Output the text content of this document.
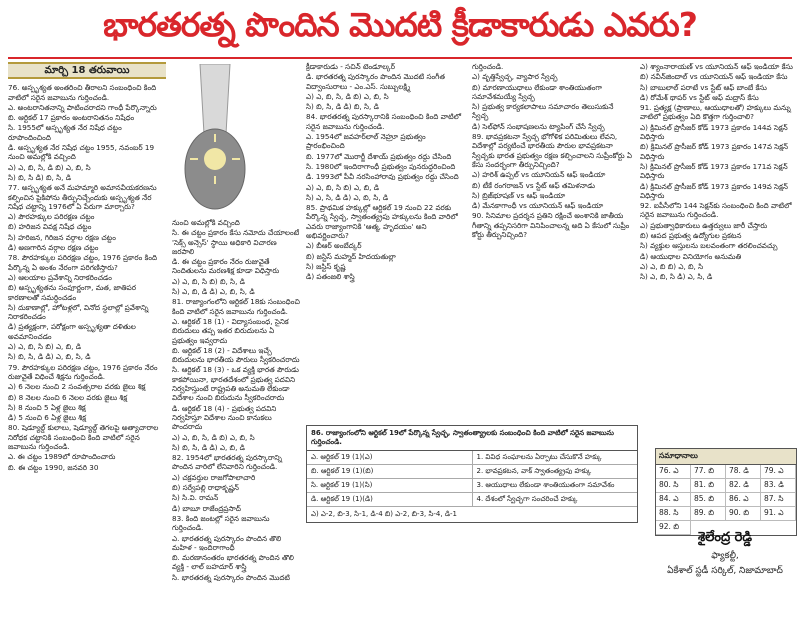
భారతరత్న పొందిన మొదటి క్రీడాకారుడు ఎవరు?
మార్చి 18 తరువాయి

76. అస్పృశ్యత అంతరించి తీరాలని సంబంధించి కింది వాటిలో సరైన జవాబును గుర్తించండి.

ఎ. అంటరానితనాన్ని పాటించరాదని గాంధీ పేర్కొన్నారు

బి. ఆర్టికల్ 17 ప్రకారం అంటరానితనం నిషేధం

సి. 1955లో అస్పృశ్యత నేర నిషేధ చట్టం రూపొందించింది

డి. అస్పృశ్యత నేర నిషేధ చట్టం 1955, నవంబర్ 19 నుంచి అమల్లోకి వచ్చింది

ఎ) ఎ, బి, సి, డి బి) ఎ, బి, సి

సి) బి, సి డి) బి, సి, డి

77. అస్పృశ్యత అనే మహమ్మారి అమానవీయకరణను కల్పించిన పైకిపోను తీర్పునిచ్చేందుకు అస్పృశ్యత నేర నిషేధ చట్టాన్ని 1976లో ఏ పేరుగా మార్చారు?

ఎ) పౌరహక్కుల పరిరక్షణ చట్టం

బి) హరిజన వివక్ష నిషేధ చట్టం

సి) హరిజన, గిరిజన వర్గాల రక్షణ చట్టం

డి) అణగారిన వర్గాల రక్షణ చట్టం

78. పౌరహక్కుల పరిరక్షణ చట్టం, 1976 ప్రకారం కింది పేర్కొన్న ఏ అంశం నేరంగా పరిగణిస్తారు?

ఎ) ఆలయాల ప్రవేశాన్ని నిరాకరించడం

బి) అస్పృశ్యతను సంపూర్ణంగా, మత, జాతిపర కారణాలతో సమర్థించడం

సి) దుకాణాల్లో, హోటళ్లలో, వినోద స్థలాల్లో ప్రవేశాన్ని నిరాకరించడం

డి) ప్రత్యక్షంగా, పరోక్షంగా అస్పృశ్యతా దళితుల అవమానించడం

ఎ) ఎ, బి, సి బి) ఎ, బి, డి

సి) బి, సి, డి డి) ఎ, బి, సి, డి

79. పౌరహక్కుల పరిరక్షణ చట్టం, 1976 ప్రకారం నేరం రుజువైతే విధించే శిక్షను గుర్తించండి.

ఎ) 6 నెలల నుంచి 2 సంవత్సరాల వరకు జైలు శిక్ష

బి) 8 నెలల నుంచి 6 నెలల వరకు జైలు శిక్ష

సి) 8 నుంచి 5 ఏళ్ల జైలు శిక్ష

డి) 5 నుంచి 6 ఏళ్ల జైలు శిక్ష

80. షెడ్యూల్డ్ కులాలు, షెడ్యూల్డ్ తెగలపై అత్యాచారాల నిరోధక చట్టానికి సంబంధించి కింది వాటిలో సరైన జవాబును గుర్తించండి.

ఎ. ఈ చట్టం 1989లో రూపొందించారు

బి. ఈ చట్టం 1990, జనవరి 30

నుంచి అమల్లోకి వచ్చింది

సి. ఈ చట్టం ప్రకారం కేసు నమోదు చేయాలంటే 'సెక్స్ అన్సెస్' స్థాయి అధికారి విచారణ జరపాలి

డి. ఈ చట్టం ప్రకారం నేరం రుజువైతే నిందితులను మరణశిక్ష కూడా విధిస్తారు

ఎ) ఎ, బి, సి బి) బి, సి, డి

సి) ఎ, బి, డి డి) ఎ, బి, సి, డి

81. రాజ్యాంగంలోని ఆర్టికల్ 18కు సంబంధించి కింది వాటిలో సరైన జవాబును గుర్తించండి.

ఎ. ఆర్టికల్ 18 (1) - విద్యాసంబంధ, సైనిక బిరుదులు తప్ప ఇతర బిరుదులను ఏ ప్రభుత్వం ఇవ్వరాదు

బి. ఆర్టికల్ 18 (2) - విదేశాలు ఇచ్చే బిరుదులను భారతీయ పౌరులు స్వీకరించరాదు

సి. ఆర్టికల్ 18 (3) - ఒక వ్యక్తి భారత పౌరుడు కాకపోయినా, భారతదేశంలో ప్రభుత్వ పదవిని నిర్వహిస్తుంటే రాష్ట్రపతి అనుమతి లేకుండా విదేశాల నుంచి బిరుదును స్వీకరించరాదు

డి. ఆర్టికల్ 18 (4) - ప్రభుత్వ పదవిని నిర్వహిస్తూ విదేశాల నుంచి కానుకలు పొందరాదు

ఎ) ఎ, బి, సి, డి బి) ఎ, బి, సి

సి) బి, సి, డి డి) ఎ, బి, డి

82. 1954లో భారతరత్న పురస్కారాన్ని పొందిన వారిలో లేనివారిని గుర్తించండి.

ఎ) చక్రవర్తుల రాజగోపాలాచారి

బి) సర్వేపల్లి రాధాకృష్ణన్

సి) సి.వి. రామన్

డి) బాబూ రాజేంద్రప్రసాద్

83. కింది జంటల్లో సరైన జవాబును గుర్తించండి.

ఎ. భారతరత్న పురస్కారం పొందిన తొలి మహిళ - ఇందిరాగాంధీ

బి. మరణానంతరం భారతరత్న పొందిన తొలి వ్యక్తి - లాల్ బహదూర్ శాస్త్రి

సి. భారతరత్న పురస్కారం పొందిన మొదటి

క్రీడాకారుడు - సచిన్ టెండూల్కర్

డి. భారతరత్న పురస్కారం పొందిన మొదటి సంగీత విద్వాంసురాలు - ఎం.ఎస్. సుబ్బులక్ష్మి

ఎ) ఎ, బి, సి, డి బి) ఎ, బి, సి

సి) బి, సి, డి డి) బి, సి, డి

84. భారతరత్న పురస్కారానికి సంబంధించి కింది వాటిలో సరైన జవాబును గుర్తించండి.

ఎ. 1954లో జవహర్‌లాల్ నెహ్రూ ప్రభుత్వం ప్రారంభించింది

బి. 1977లో మొరార్జీ దేశాయ్ ప్రభుత్వం రద్దు చేసింది

సి. 1980లో ఇందిరాగాంధీ ప్రభుత్వం పునరుద్ధరించింది

డి. 1993లో పీవీ నరసింహారావు ప్రభుత్వం రద్దు చేసింది

ఎ) ఎ, బి, సి బి) ఎ, బి, డి

సి) ఎ, సి, డి డి) ఎ, బి, సి, డి

85. ప్రాథమిక హక్కుల్లో ఆర్టికల్ 19 నుంచి 22 వరకు పేర్కొన్న స్వేచ్ఛ, స్వాతంత్య్రపు హక్కులను కింది వారిలో ఎవరు రాజ్యాంగానికి 'ఆత్మ, హృదయం' అని అభివర్ణించారు?

ఎ) బీఆర్ అంబేద్కర్

బి) జస్టిస్ మహ్మద్ హిదయతుల్లా

సి) జస్టిస్ కృష్ణ

డి) పతంజలి శాస్త్రి

గుర్తించండి.

ఎ) వృత్తిస్వేచ్ఛ, వ్యాపార స్వేచ్ఛ

బి) మారణాయుధాలు లేకుండా శాంతియుతంగా సమావేశమయ్యే స్వేచ్ఛ

సి) ప్రభుత్వ కార్యకలాపాలు సమాచారం తెలుసుకునే స్వేచ్ఛ

డి) సెల్‌ఫోన్ సంభాషణలను ట్యాపింగ్ చేసే స్వేచ్ఛ

89. భావప్రకటనా స్వేచ్ఛ భోగోళిక పరిమితులు లేవని, విదేశాల్లో పర్యటించే భారతీయ పౌరుల భావప్రకటనా స్వేచ్ఛకు భారత ప్రభుత్వం రక్షణ కల్పించాలని సుప్రీంకోర్టు ఏ కేసు సందర్భంగా తీర్పునిచ్చింది?

ఎ) హరిశ్ ఉప్పల్ vs యూనియన్ ఆఫ్ ఇండియా

బి) టీకే రంగరాజన్ vs స్టేట్ ఆఫ్ తమిళనాడు

సి) బ్రిజ్‌భూషణ్ vs ఆఫ్ ఇండియా

డి) మేనకాగాంధీ vs యూనియన్ ఆఫ్ ఇండియా

90. సినిమాల ప్రదర్శన ప్రతిని రక్షించే అంశానికి జాతీయ గీతాన్ని తప్పనిసరిగా వినిపించాలన్న అది ఏ కేసులో సుప్రీం కోర్టు తీర్పునిచ్చింది?

ఎ) శ్యాంనారాయణ్ vs యూనియన్ ఆఫ్ ఇండియా కేసు

బి) నవీన్‌జిందాల్ vs యూనియన్ ఆఫ్ ఇండియా కేసు

సి) బాబులాల్ పరాటే vs స్టేట్ ఆఫ్ బాంబే కేసు

డి) రోమేశ్ థాపర్ vs స్టేట్ ఆఫ్ మద్రాస్ కేసు

91. ప్రత్యక్ష (ప్రాణాలు, ఆయుధాలతో) హక్కులు మన్ను వాటిలో ప్రభుత్వం ఏది కొత్తగా గుర్తించాలి?

ఎ) క్రిమినల్ ప్రొసీజర్ కోడ్ 1973 ప్రకారం 144వ సెక్షన్ విధిస్తారు

బి) క్రిమినల్ ప్రొసీజర్ కోడ్ 1973 ప్రకారం 147వ సెక్షన్ విధిస్తారు

సి) క్రిమినల్ ప్రొసీజర్ కోడ్ 1973 ప్రకారం 171వ సెక్షన్ విధిస్తారు

డి) క్రిమినల్ ప్రొసీజర్ కోడ్ 1973 ప్రకారం 149వ సెక్షన్ విధిస్తారు

92. ఐపీసీలోని 144 సెక్షన్‌కు సంబంధించి కింది వాటిలో సరైన జవాబును గుర్తించండి.

ఎ) ప్రభుత్వాధికారులు ఉత్తర్వులు జారీ చేస్తారు

బి) ఆపద ప్రభుత్వ ఉద్యోగుల ప్రకటన

సి) వ్యక్తుల ఆస్తులను బలవంతంగా తరలించవచ్చు

డి) ఆయుధాల వినియోగం అనుమతి

ఎ) ఎ, బి బి) ఎ, బి, సి

సి) ఎ, బి, సి డి) ఎ, సి, డి

86. రాజ్యాంగంలోని ఆర్టికల్ 19లో పేర్కొన్న స్వేచ్ఛ, స్వాతంత్య్రాలకు సంబంధించి కింది వాటిలో సరైన జవాబును గుర్తించండి.
ఎ. ఆర్టికల్ 19 (1)(ఎ)	1. వివిధ సంఘాలను ఏర్పాటు చేసుకొనే హక్కు
బి. ఆర్టికల్ 19 (1)(బి)	2. భావప్రకటన, వాక్ స్వాతంత్య్రపు హక్కు
సి. ఆర్టికల్ 19 (1)(సి)	3. ఆయుధాలు లేకుండా శాంతియుతంగా సమావేశం
డి. ఆర్టికల్ 19 (1)(డి)	4. దేశంలో స్వేచ్ఛగా సంచరించే హక్కు
ఎ) ఎ-2, బి-3, సి-1, డి-4 బి) ఎ-2, బి-3, సి-4, డి-1
సమాధానాలు
76. ఎ	77. బి	78. డి	79. ఎ
80. సి	81. బి	82. డి	83. డి
84. ఎ	85. బి	86. ఎ	87. సి
88. సి	89. బి	90. బి	91. ఎ
92. బి
శైలేంద్ర రెడ్డి
ఫ్యాకల్టీ,
ఏకేశాల్ స్టడీ సర్కిల్, నిజామాబాద్
